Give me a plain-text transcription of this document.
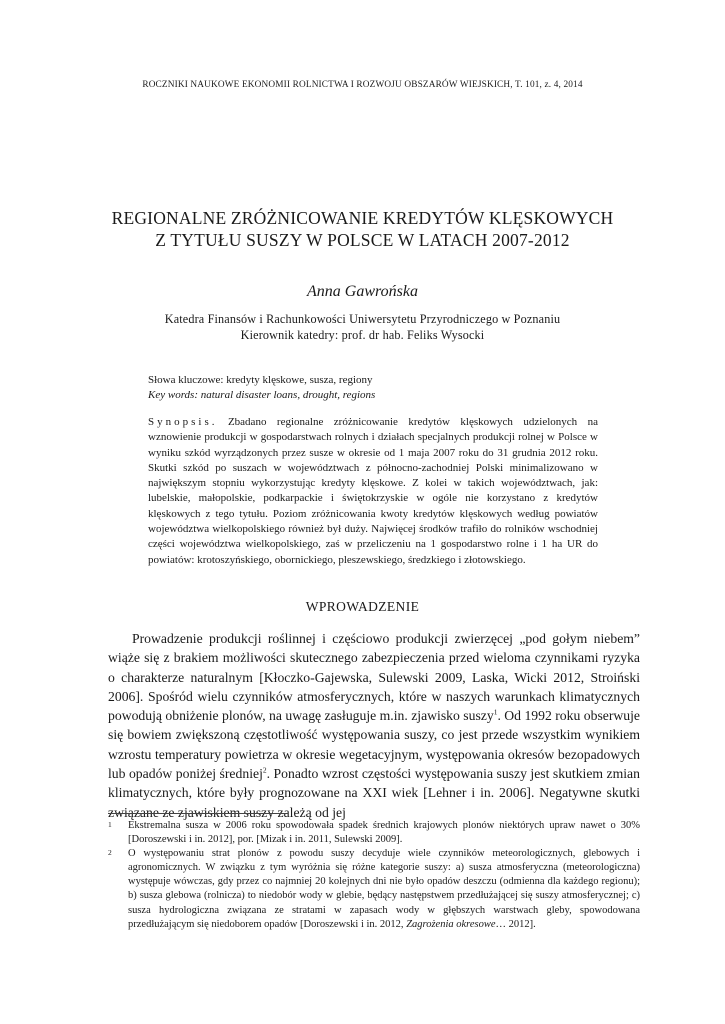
ROCZNIKI NAUKOWE EKONOMII ROLNICTWA I ROZWOJU OBSZARÓW WIEJSKICH, T. 101, z. 4, 2014
REGIONALNE ZRÓŻNICOWANIE KREDYTÓW KLĘSKOWYCH
Z TYTUŁU SUSZY W POLSCE W LATACH 2007-2012
Anna Gawrońska
Katedra Finansów i Rachunkowości Uniwersytetu Przyrodniczego w Poznaniu
Kierownik katedry: prof. dr hab. Feliks Wysocki
Słowa kluczowe: kredyty klęskowe, susza, regiony
Key words: natural disaster loans, drought, regions
Synopsis. Zbadano regionalne zróżnicowanie kredytów klęskowych udzielonych na wznowienie produkcji w gospodarstwach rolnych i działach specjalnych produkcji rolnej w Polsce w wyniku szkód wyrządzonych przez susze w okresie od 1 maja 2007 roku do 31 grudnia 2012 roku. Skutki szkód po suszach w województwach z północno-zachodniej Polski minimalizowano w największym stopniu wykorzystując kredyty klęskowe. Z kolei w takich województwach, jak: lubelskie, małopolskie, podkarpackie i świętokrzyskie w ogóle nie korzystano z kredytów klęskowych z tego tytułu. Poziom zróżnicowania kwoty kredytów klęskowych według powiatów województwa wielkopolskiego również był duży. Najwięcej środków trafiło do rolników wschodniej części województwa wielkopolskiego, zaś w przeliczeniu na 1 gospodarstwo rolne i 1 ha UR do powiatów: krotoszyńskiego, obornickiego, pleszewskiego, średzkiego i złotowskiego.
WPROWADZENIE

Prowadzenie produkcji roślinnej i częściowo produkcji zwierzęcej „pod gołym niebem” wiąże się z brakiem możliwości skutecznego zabezpieczenia przed wieloma czynnikami ryzyka o charakterze naturalnym [Kłoczko-Gajewska, Sulewski 2009, Laska, Wicki 2012, Stroiński 2006]. Spośród wielu czynników atmosferycznych, które w naszych warunkach klimatycznych powodują obniżenie plonów, na uwagę zasługuje m.in. zjawisko suszy$^1$. Od 1992 roku obserwuje się bowiem zwiększoną częstotliwość występowania suszy, co jest przede wszystkim wynikiem wzrostu temperatury powietrza w okresie wegetacyjnym, występowania okresów bezopadowych lub opadów poniżej średniej$^2$. Ponadto wzrost częstości występowania suszy jest skutkiem zmian klimatycznych, które były prognozowane na XXI wiek [Lehner i in. 2006]. Negatywne skutki związane ze zjawiskiem suszy zależą od jej

1 Ekstremalna susza w 2006 roku spowodowała spadek średnich krajowych plonów niektórych upraw nawet o 30% [Doroszewski i in. 2012], por. [Mizak i in. 2011, Sulewski 2009].
2 O występowaniu strat plonów z powodu suszy decyduje wiele czynników meteorologicznych, glebowych i agronomicznych. W związku z tym wyróżnia się różne kategorie suszy: a) susza atmosferyczna (meteorologiczna) występuje wówczas, gdy przez co najmniej 20 kolejnych dni nie było opadów deszczu (odmienna dla każdego regionu); b) susza glebowa (rolnicza) to niedobór wody w glebie, będący następstwem przedłużającej się suszy atmosferycznej; c) susza hydrologiczna związana ze stratami w zapasach wody w głębszych warstwach gleby, spowodowana przedłużającym się niedoborem opadów [Doroszewski i in. 2012, Zagrożenia okresowe… 2012].
